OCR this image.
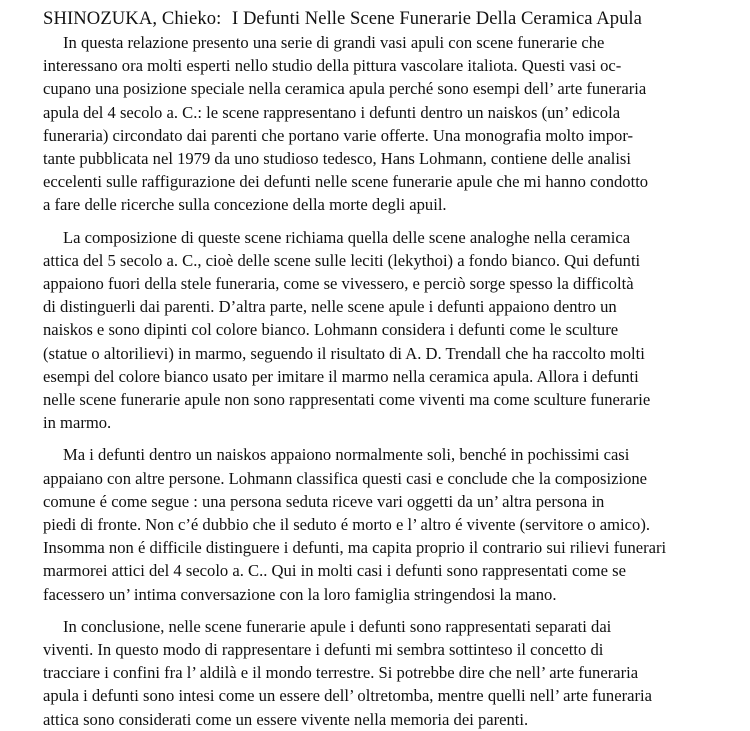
SHINOZUKA, Chieko: I Defunti Nelle Scene Funerarie Della Ceramica Apula

In questa relazione presento una serie di grandi vasi apuli con scene funerarie che
interessano ora molti esperti nello studio della pittura vascolare italiota. Questi vasi oc-
cupano una posizione speciale nella ceramica apula perché sono esempi dell’ arte funeraria
apula del 4 secolo a. C.: le scene rappresentano i defunti dentro un naiskos (un’ edicola
funeraria) circondato dai parenti che portano varie offerte. Una monografia molto impor-
tante pubblicata nel 1979 da uno studioso tedesco, Hans Lohmann, contiene delle analisi
eccelenti sulle raffigurazione dei defunti nelle scene funerarie apule che mi hanno condotto
a fare delle ricerche sulla concezione della morte degli apuil.
La composizione di queste scene richiama quella delle scene analoghe nella ceramica
attica del 5 secolo a. C., cioè delle scene sulle leciti (lekythoi) a fondo bianco. Qui defunti
appaiono fuori della stele funeraria, come se vivessero, e perciò sorge spesso la difficoltà
di distinguerli dai parenti. D’altra parte, nelle scene apule i defunti appaiono dentro un
naiskos e sono dipinti col colore bianco. Lohmann considera i defunti come le sculture
(statue o altorilievi) in marmo, seguendo il risultato di A. D. Trendall che ha raccolto molti
esempi del colore bianco usato per imitare il marmo nella ceramica apula. Allora i defunti
nelle scene funerarie apule non sono rappresentati come viventi ma come sculture funerarie
in marmo.
Ma i defunti dentro un naiskos appaiono normalmente soli, benché in pochissimi casi
appaiano con altre persone. Lohmann classifica questi casi e conclude che la composizione
comune é come segue : una persona seduta riceve vari oggetti da un’ altra persona in
piedi di fronte. Non c’é dubbio che il seduto é morto e l’ altro é vivente (servitore o amico).
Insomma non é difficile distinguere i defunti, ma capita proprio il contrario sui rilievi funerari
marmorei attici del 4 secolo a. C.. Qui in molti casi i defunti sono rappresentati come se
facessero un’ intima conversazione con la loro famiglia stringendosi la mano.
In conclusione, nelle scene funerarie apule i defunti sono rappresentati separati dai
viventi. In questo modo di rappresentare i defunti mi sembra sottinteso il concetto di
tracciare i confini fra l’ aldilà e il mondo terrestre. Si potrebbe dire che nell’ arte funeraria
apula i defunti sono intesi come un essere dell’ oltretomba, mentre quelli nell’ arte funeraria
attica sono considerati come un essere vivente nella memoria dei parenti.
